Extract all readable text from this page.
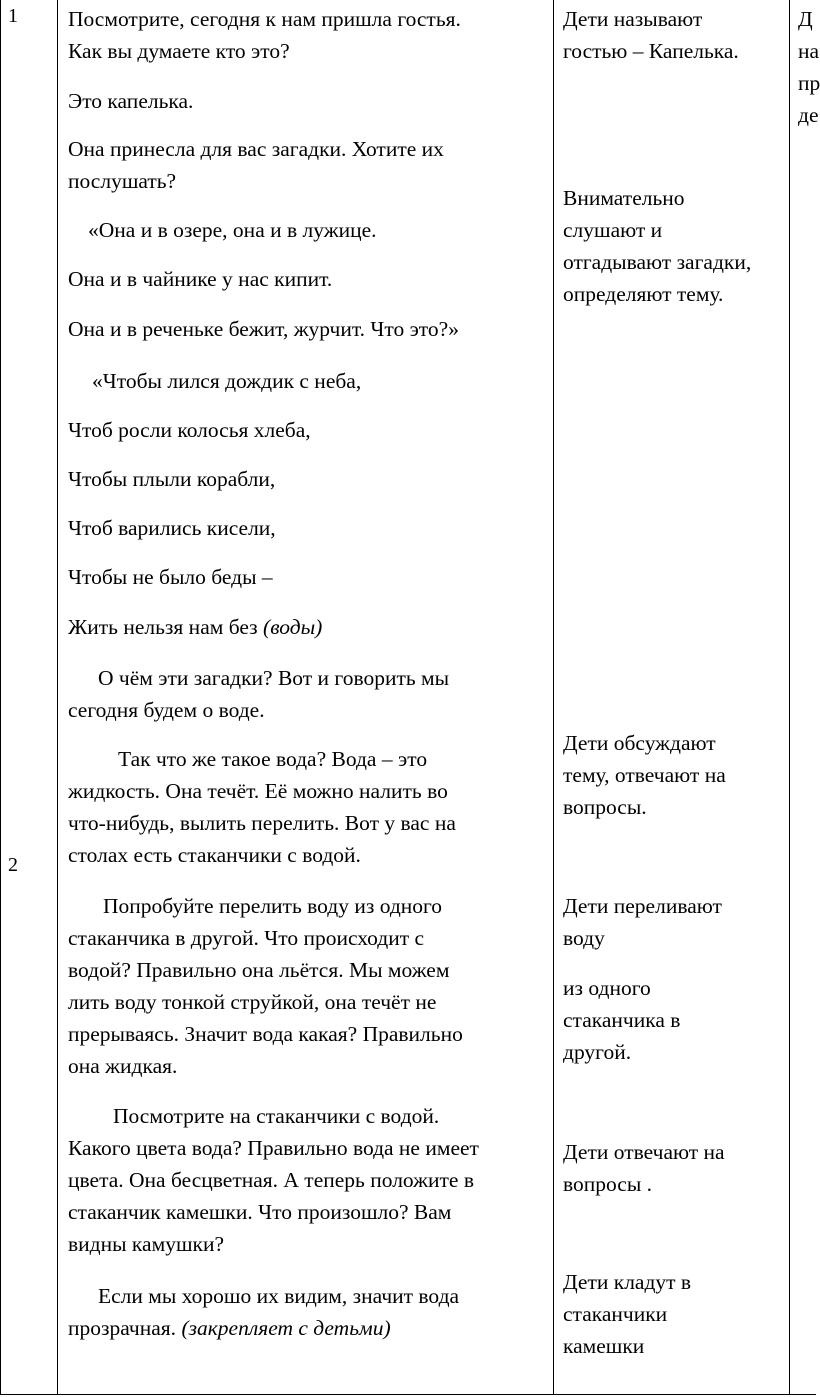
1
2
Посмотрите, сегодня к нам пришла гостья.
Как вы думаете кто это?
Это капелька.
Она принесла для вас загадки. Хотите их
послушать?
«Она и в озере, она и в лужице.
Она и в чайнике у нас кипит.
Она и в реченьке бежит, журчит. Что это?»
«Чтобы лился дождик с неба,
Чтоб росли колосья хлеба,
Чтобы плыли корабли,
Чтоб варились кисели,
Чтобы не было беды –
Жить нельзя нам без (воды)
О чём эти загадки? Вот и говорить мы
сегодня будем о воде.
Так что же такое вода? Вода – это
жидкость. Она течёт. Её можно налить во
что-нибудь, вылить перелить. Вот у вас на
столах есть стаканчики с водой.
Попробуйте перелить воду из одного
стаканчика в другой. Что происходит с
водой? Правильно она льётся. Мы можем
лить воду тонкой струйкой, она течёт не
прерываясь. Значит вода какая? Правильно
она жидкая.
Посмотрите на стаканчики с водой.
Какого цвета вода? Правильно вода не имеет
цвета. Она бесцветная. А теперь положите в
стаканчик камешки. Что произошло? Вам
видны камушки?
Если мы хорошо их видим, значит вода
прозрачная. (закрепляет с детьми)
Дети называют
гостью – Капелька.
Внимательно
слушают и
отгадывают загадки,
определяют тему.
Дети обсуждают
тему, отвечают на
вопросы.
Дети переливают
воду
из одного
стаканчика в
другой.
Дети отвечают на
вопросы .
Дети кладут в
стаканчики
камешки
Д
на
пр
де
